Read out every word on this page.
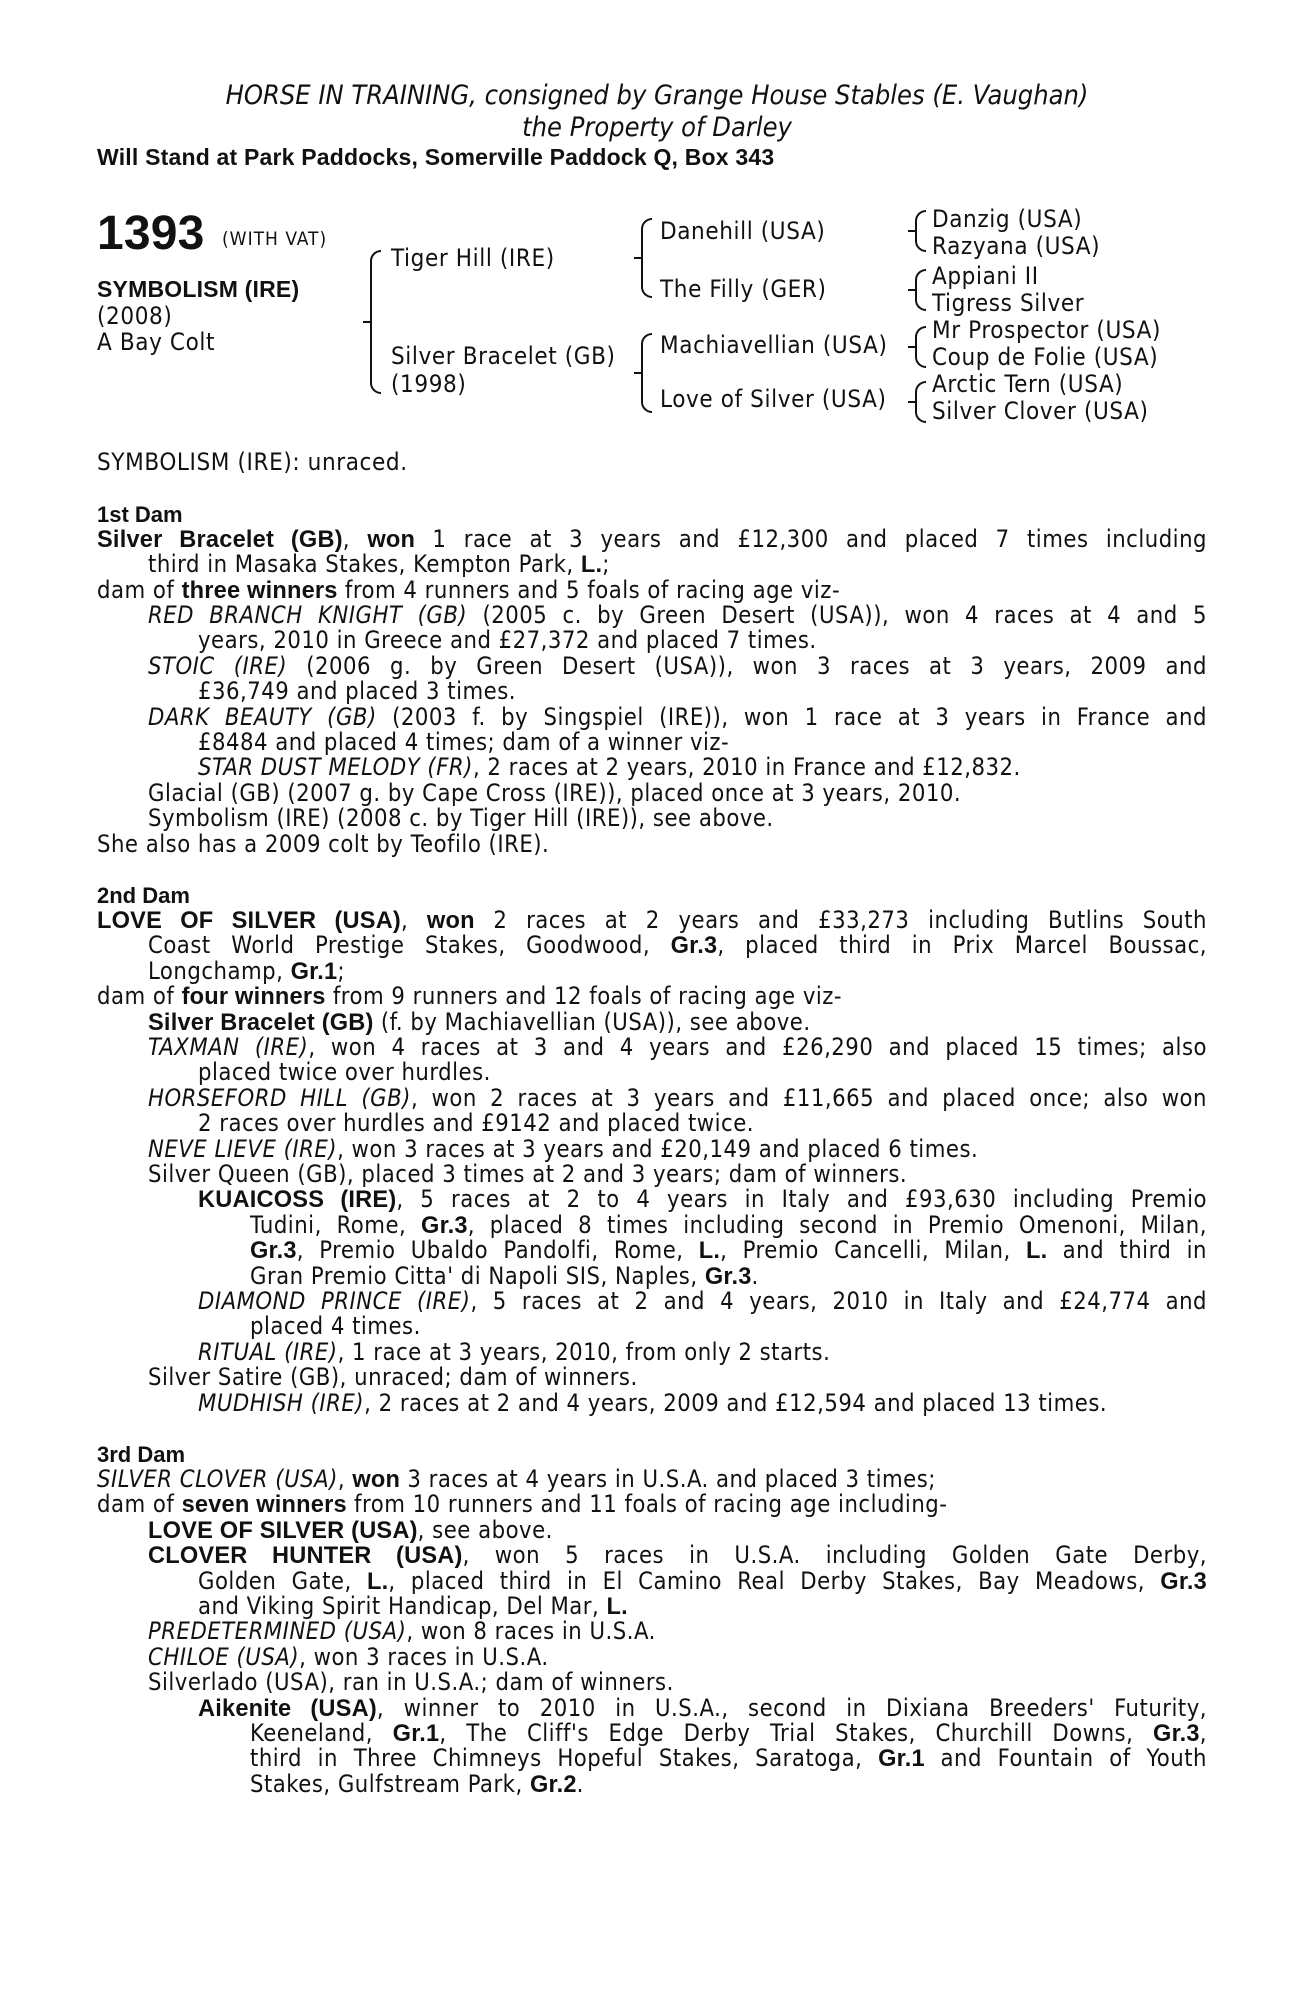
HORSE IN TRAINING, consigned by Grange House Stables (E. Vaughan)
the Property of Darley
Will Stand at Park Paddocks, Somerville Paddock Q, Box 343
1393 (WITH VAT)
SYMBOLISM (IRE)
(2008)
A Bay Colt
Tiger Hill (IRE)
Silver Bracelet (GB)
(1998)
Danehill (USA)
The Filly (GER)
Machiavellian (USA)
Love of Silver (USA)
Danzig (USA)
Razyana (USA)
Appiani II
Tigress Silver
Mr Prospector (USA)
Coup de Folie (USA)
Arctic Tern (USA)
Silver Clover (USA)
SYMBOLISM (IRE): unraced.
1st Dam
Silver Bracelet (GB), won 1 race at 3 years and £12,300 and placed 7 times including
third in Masaka Stakes, Kempton Park, L.;
dam of three winners from 4 runners and 5 foals of racing age viz-
RED BRANCH KNIGHT (GB) (2005 c. by Green Desert (USA)), won 4 races at 4 and 5
years, 2010 in Greece and £27,372 and placed 7 times.
STOIC (IRE) (2006 g. by Green Desert (USA)), won 3 races at 3 years, 2009 and
£36,749 and placed 3 times.
DARK BEAUTY (GB) (2003 f. by Singspiel (IRE)), won 1 race at 3 years in France and
£8484 and placed 4 times; dam of a winner viz-
STAR DUST MELODY (FR), 2 races at 2 years, 2010 in France and £12,832.
Glacial (GB) (2007 g. by Cape Cross (IRE)), placed once at 3 years, 2010.
Symbolism (IRE) (2008 c. by Tiger Hill (IRE)), see above.
She also has a 2009 colt by Teofilo (IRE).
2nd Dam
LOVE OF SILVER (USA), won 2 races at 2 years and £33,273 including Butlins South
Coast World Prestige Stakes, Goodwood, Gr.3, placed third in Prix Marcel Boussac,
Longchamp, Gr.1;
dam of four winners from 9 runners and 12 foals of racing age viz-
Silver Bracelet (GB) (f. by Machiavellian (USA)), see above.
TAXMAN (IRE), won 4 races at 3 and 4 years and £26,290 and placed 15 times; also
placed twice over hurdles.
HORSEFORD HILL (GB), won 2 races at 3 years and £11,665 and placed once; also won
2 races over hurdles and £9142 and placed twice.
NEVE LIEVE (IRE), won 3 races at 3 years and £20,149 and placed 6 times.
Silver Queen (GB), placed 3 times at 2 and 3 years; dam of winners.
KUAICOSS (IRE), 5 races at 2 to 4 years in Italy and £93,630 including Premio
Tudini, Rome, Gr.3, placed 8 times including second in Premio Omenoni, Milan,
Gr.3, Premio Ubaldo Pandolfi, Rome, L., Premio Cancelli, Milan, L. and third in
Gran Premio Citta' di Napoli SIS, Naples, Gr.3.
DIAMOND PRINCE (IRE), 5 races at 2 and 4 years, 2010 in Italy and £24,774 and
placed 4 times.
RITUAL (IRE), 1 race at 3 years, 2010, from only 2 starts.
Silver Satire (GB), unraced; dam of winners.
MUDHISH (IRE), 2 races at 2 and 4 years, 2009 and £12,594 and placed 13 times.
3rd Dam
SILVER CLOVER (USA), won 3 races at 4 years in U.S.A. and placed 3 times;
dam of seven winners from 10 runners and 11 foals of racing age including-
LOVE OF SILVER (USA), see above.
CLOVER HUNTER (USA), won 5 races in U.S.A. including Golden Gate Derby,
Golden Gate, L., placed third in El Camino Real Derby Stakes, Bay Meadows, Gr.3
and Viking Spirit Handicap, Del Mar, L.
PREDETERMINED (USA), won 8 races in U.S.A.
CHILOE (USA), won 3 races in U.S.A.
Silverlado (USA), ran in U.S.A.; dam of winners.
Aikenite (USA), winner to 2010 in U.S.A., second in Dixiana Breeders' Futurity,
Keeneland, Gr.1, The Cliff's Edge Derby Trial Stakes, Churchill Downs, Gr.3,
third in Three Chimneys Hopeful Stakes, Saratoga, Gr.1 and Fountain of Youth
Stakes, Gulfstream Park, Gr.2.
